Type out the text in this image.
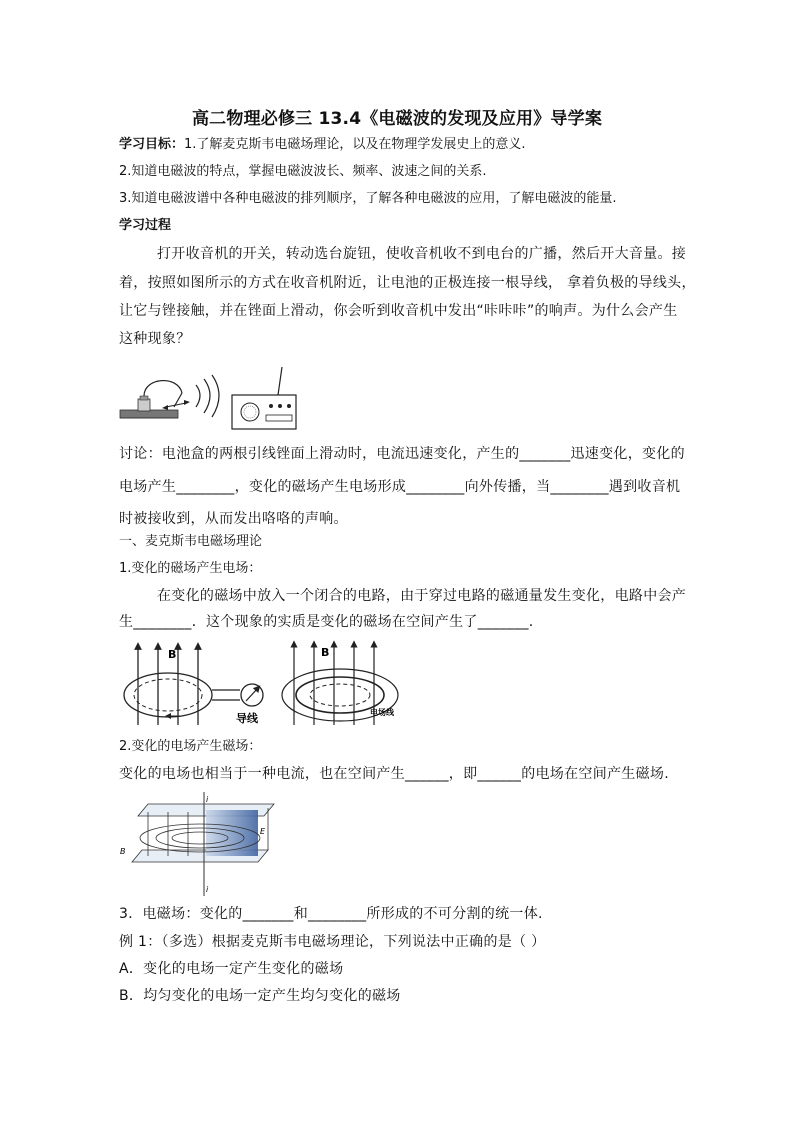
高二物理必修三 13.4《电磁波的发现及应用》导学案
学习目标：1.了解麦克斯韦电磁场理论，以及在物理学发展史上的意义.
2.知道电磁波的特点，掌握电磁波波长、频率、波速之间的关系.
3.知道电磁波谱中各种电磁波的排列顺序，了解各种电磁波的应用，了解电磁波的能量.
学习过程
打开收音机的开关，转动选台旋钮，使收音机收不到电台的广播，然后开大音量。接
着，按照如图所示的方式在收音机附近，让电池的正极连接一根导线， 拿着负极的导线头，
让它与锉接触，并在锉面上滑动，你会听到收音机中发出“咔咔咔”的响声。为什么会产生
这种现象？
讨论：电池盒的两根引线锉面上滑动时，电流迅速变化，产生的_______迅速变化，变化的
电场产生________，变化的磁场产生电场形成________向外传播，当________遇到收音机
时被接收到，从而发出咯咯的声响。
一、麦克斯韦电磁场理论
1.变化的磁场产生电场：
在变化的磁场中放入一个闭合的电路，由于穿过电路的磁通量发生变化，电路中会产
生________．这个现象的实质是变化的磁场在空间产生了_______.
B
导线
B
电场线
2.变化的电场产生磁场：
变化的电场也相当于一种电流，也在空间产生______，即______的电场在空间产生磁场.
i
i
E
B
3．电磁场：变化的_______和________所形成的不可分割的统一体.
例 1：（多选）根据麦克斯韦电磁场理论，下列说法中正确的是（ ）
A．变化的电场一定产生变化的磁场
B．均匀变化的电场一定产生均匀变化的磁场
